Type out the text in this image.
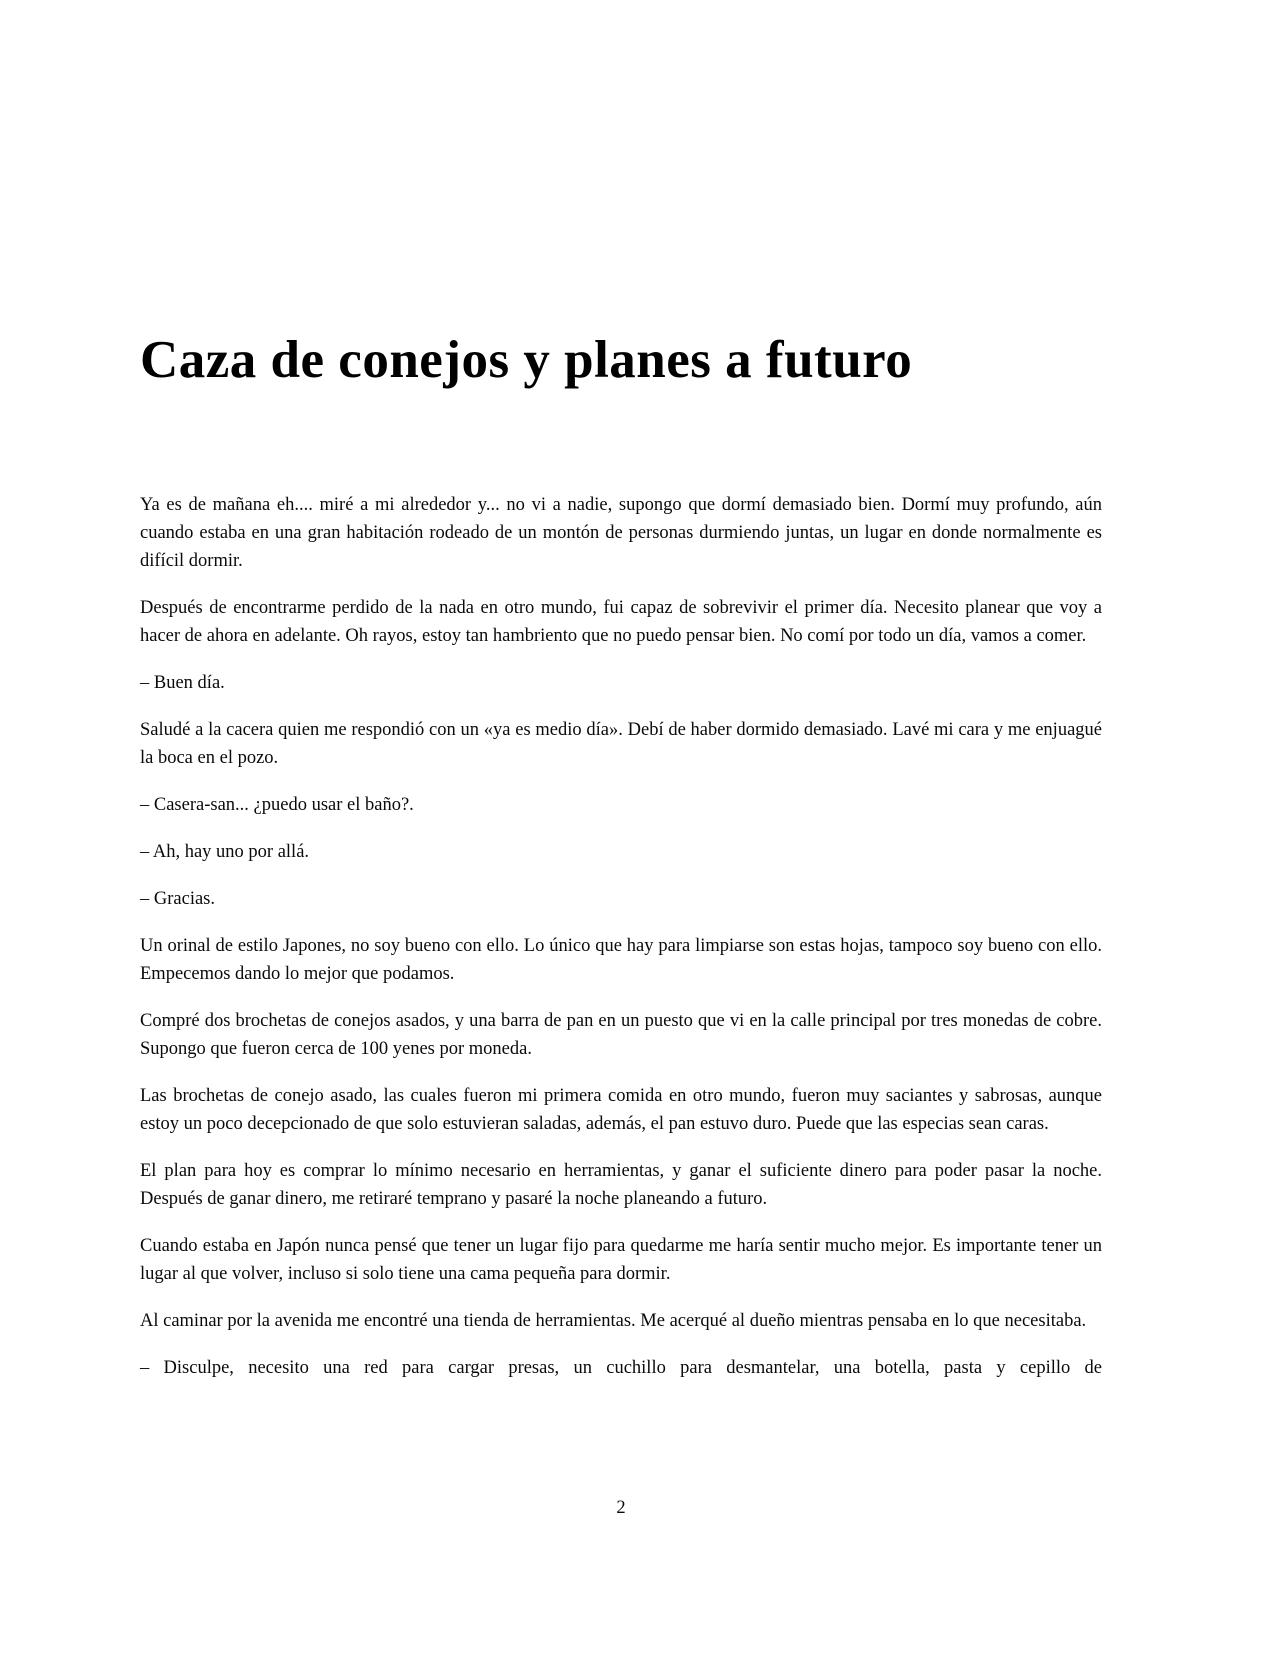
Caza de conejos y planes a futuro

Ya es de mañana eh.... miré a mi alrededor y... no vi a nadie, supongo que dormí demasiado bien. Dormí muy profundo, aún cuando estaba en una gran habitación rodeado de un montón de personas durmiendo juntas, un lugar en donde normalmente es difícil dormir.

Después de encontrarme perdido de la nada en otro mundo, fui capaz de sobrevivir el primer día. Necesito planear que voy a hacer de ahora en adelante. Oh rayos, estoy tan hambriento que no puedo pensar bien. No comí por todo un día, vamos a comer.

– Buen día.

Saludé a la cacera quien me respondió con un «ya es medio día». Debí de haber dormido demasiado. Lavé mi cara y me enjuagué la boca en el pozo.

– Casera-san... ¿puedo usar el baño?.

– Ah, hay uno por allá.

– Gracias.

Un orinal de estilo Japones, no soy bueno con ello. Lo único que hay para limpiarse son estas hojas, tampoco soy bueno con ello. Empecemos dando lo mejor que podamos.

Compré dos brochetas de conejos asados, y una barra de pan en un puesto que vi en la calle principal por tres monedas de cobre. Supongo que fueron cerca de 100 yenes por moneda.

Las brochetas de conejo asado, las cuales fueron mi primera comida en otro mundo, fueron muy saciantes y sabrosas, aunque estoy un poco decepcionado de que solo estuvieran saladas, además, el pan estuvo duro. Puede que las especias sean caras.

El plan para hoy es comprar lo mínimo necesario en herramientas, y ganar el suficiente dinero para poder pasar la noche. Después de ganar dinero, me retiraré temprano y pasaré la noche planeando a futuro.

Cuando estaba en Japón nunca pensé que tener un lugar fijo para quedarme me haría sentir mucho mejor. Es importante tener un lugar al que volver, incluso si solo tiene una cama pequeña para dormir.

Al caminar por la avenida me encontré una tienda de herramientas. Me acerqué al dueño mientras pensaba en lo que necesitaba.

– Disculpe, necesito una red para cargar presas, un cuchillo para desmantelar, una botella, pasta y cepillo de

2
